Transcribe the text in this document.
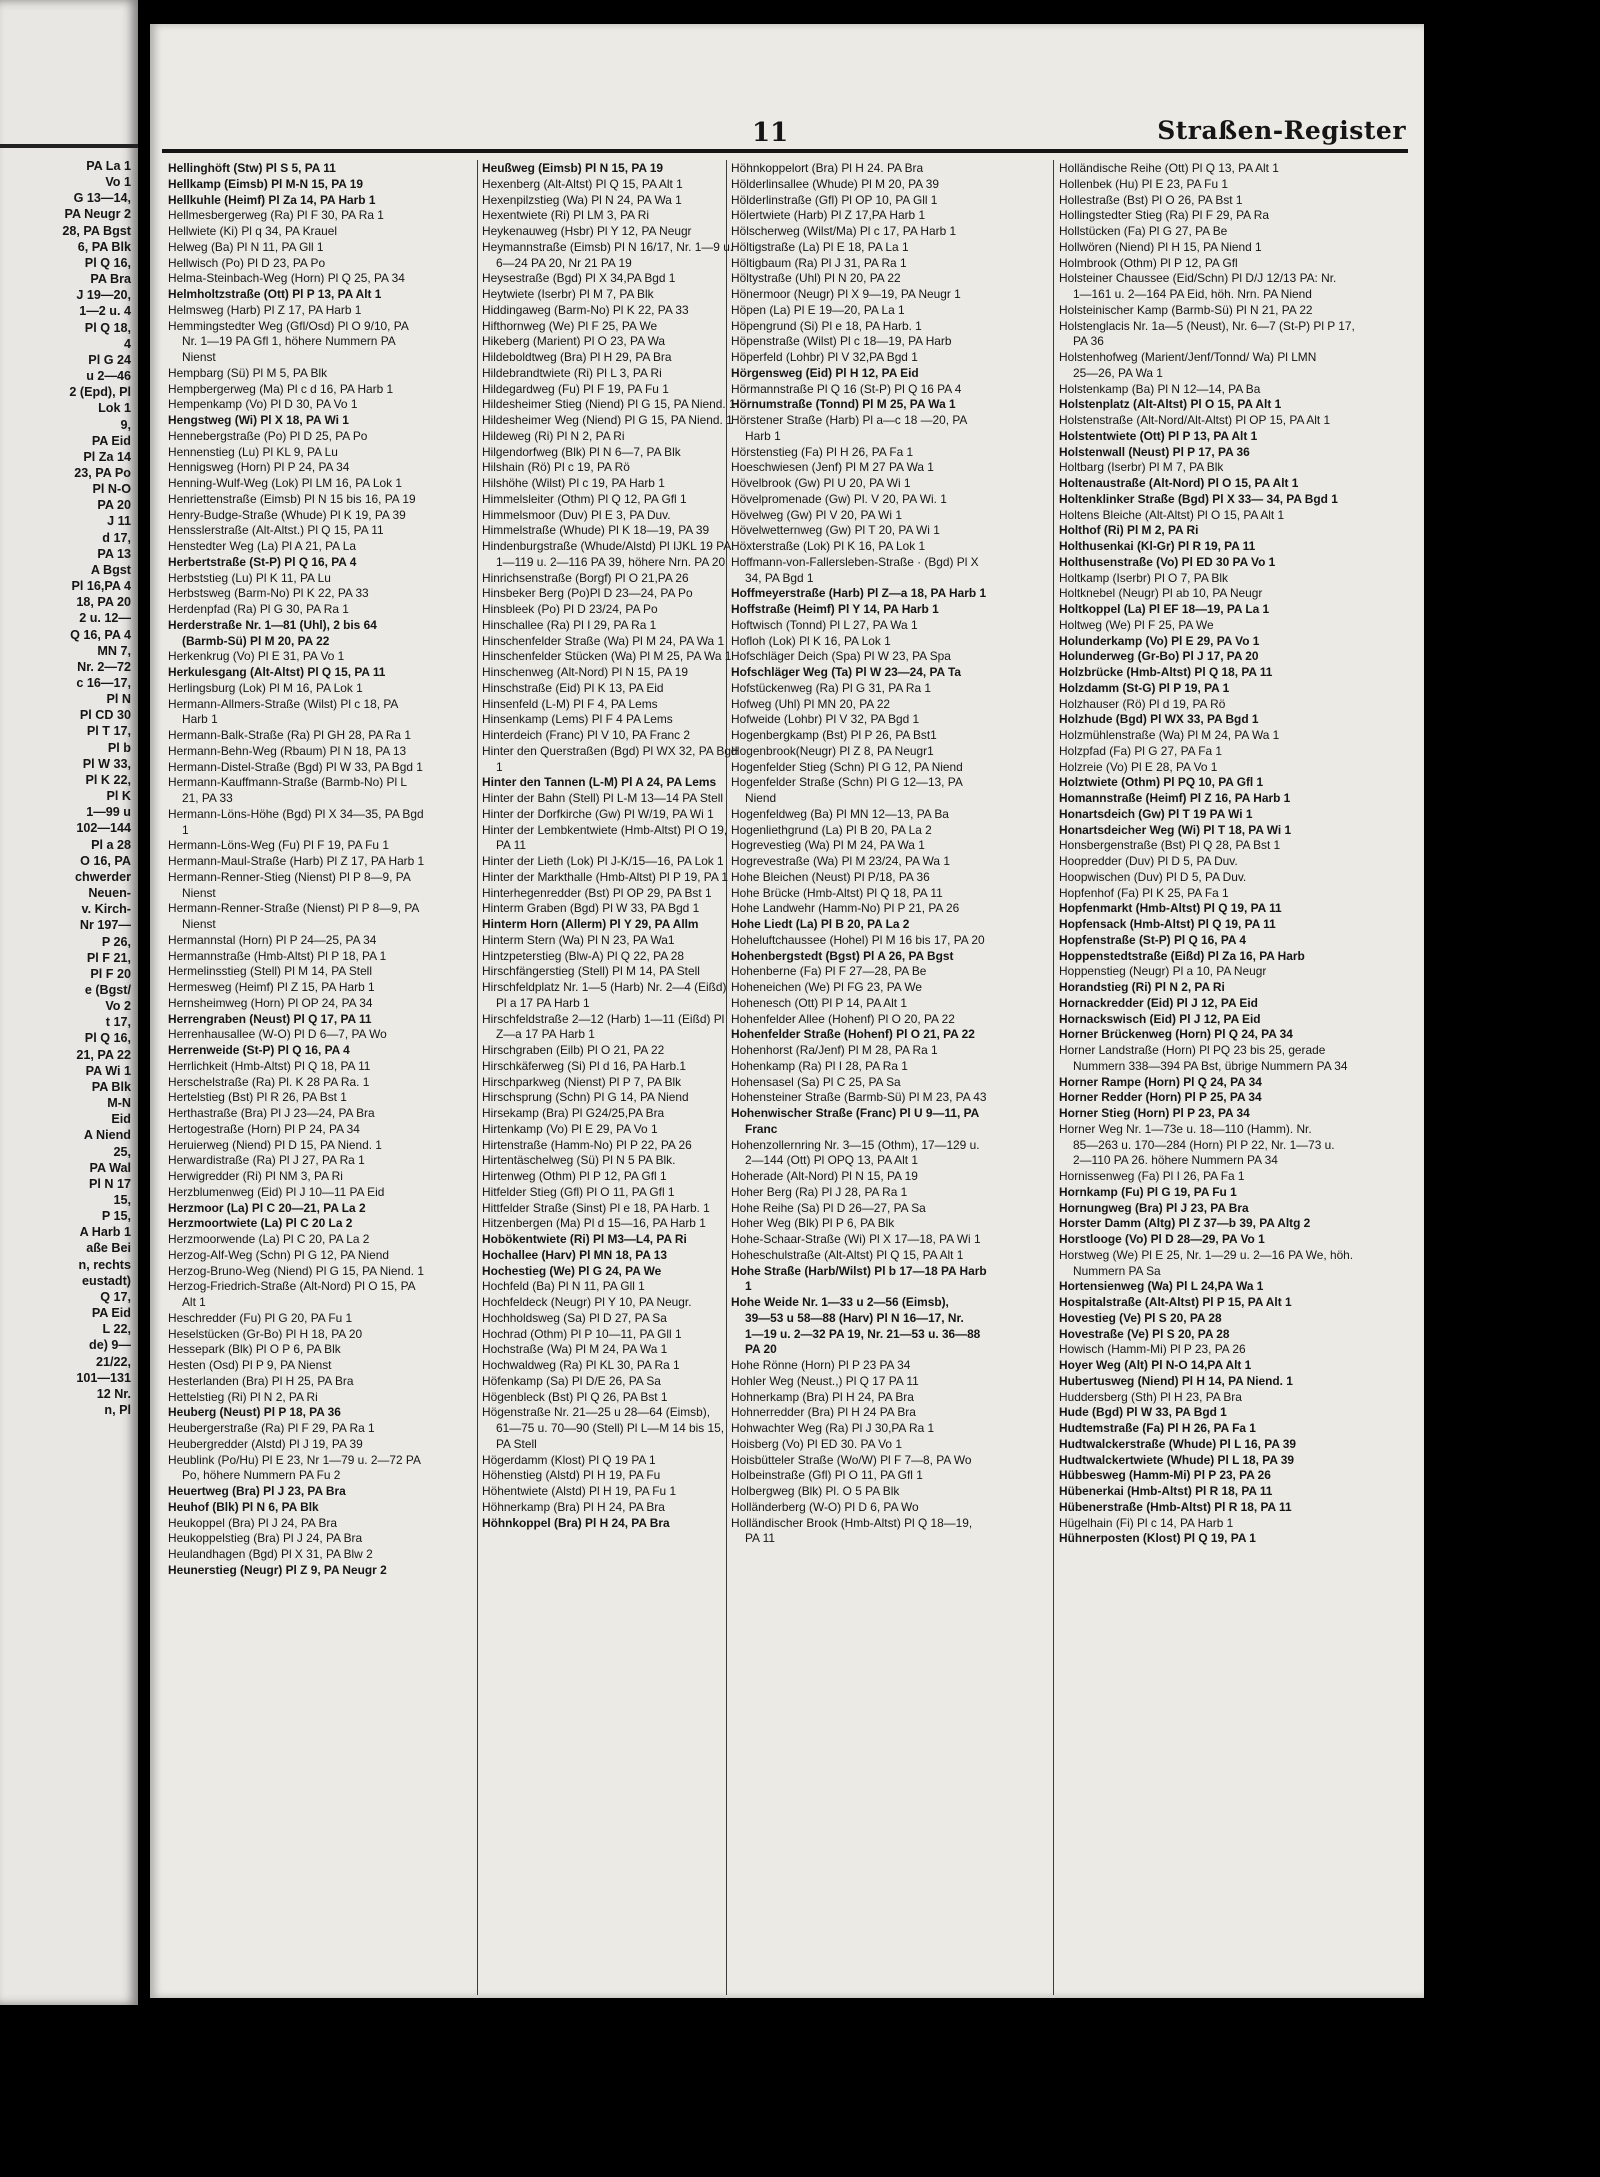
PA La 1
Vo 1
G 13—14,
PA Neugr 2
28, PA Bgst
6, PA Blk
Pl Q 16,
PA Bra
J 19—20,
1—2 u. 4
Pl Q 18,
4
Pl G 24
u 2—46
2 (Epd), Pl
Lok 1
9,
PA Eid
Pl Za 14
23, PA Po
Pl N-O
PA 20
J 11
d 17,
PA 13
A Bgst
Pl 16,PA 4
18, PA 20
2 u. 12—
Q 16, PA 4
MN 7,
Nr. 2—72
c 16—17,
Pl N
Pl CD 30
Pl T 17,
Pl b
Pl W 33,
Pl K 22,
Pl K
1—99 u
102—144
Pl a 28
O 16, PA
chwerder
Neuen-
v. Kirch-
Nr 197—
P 26,
Pl F 21,
Pl F 20
e (Bgst/
Vo 2
t 17,
Pl Q 16,
21, PA 22
PA Wi 1
PA Blk
M-N
Eid
A Niend
25,
PA Wal
Pl N 17
15,
P 15,
A Harb 1
aße Bei
n, rechts
eustadt)
Q 17,
PA Eid
L 22,
de) 9—
21/22,
101—131
12 Nr.
n, Pl
11	Straßen-Register
Hellinghöft (Stw) Pl S 5, PA 11
Hellkamp (Eimsb) Pl M-N 15, PA 19
Hellkuhle (Heimf) Pl Za 14, PA Harb 1
Hellmesbergerweg (Ra) Pl F 30, PA Ra 1
Hellwiete (Ki) Pl q 34, PA Krauel
Helweg (Ba) Pl N 11, PA Gll 1
Hellwisch (Po) Pl D 23, PA Po
Helma-Steinbach-Weg (Horn) Pl Q 25, PA 34
Helmholtzstraße (Ott) Pl P 13, PA Alt 1
Helmsweg (Harb) Pl Z 17, PA Harb 1
Hemmingstedter Weg (Gfl/Osd) Pl O 9/10, PA
Nr. 1—19 PA Gfl 1, höhere Nummern PA
Nienst
Hempbarg (Sü) Pl M 5, PA Blk
Hempbergerweg (Ma) Pl c d 16, PA Harb 1
Hempenkamp (Vo) Pl D 30, PA Vo 1
Hengstweg (Wi) Pl X 18, PA Wi 1
Hennebergstraße (Po) Pl D 25, PA Po
Hennenstieg (Lu) Pl KL 9, PA Lu
Hennigsweg (Horn) Pl P 24, PA 34
Henning-Wulf-Weg (Lok) Pl LM 16, PA Lok 1
Henriettenstraße (Eimsb) Pl N 15 bis 16, PA 19
Henry-Budge-Straße (Whude) Pl K 19, PA 39
Hensslerstraße (Alt-Altst.) Pl Q 15, PA 11
Henstedter Weg (La) Pl A 21, PA La
Herbertstraße (St-P) Pl Q 16, PA 4
Herbststieg (Lu) Pl K 11, PA Lu
Herbstsweg (Barm-No) Pl K 22, PA 33
Herdenpfad (Ra) Pl G 30, PA Ra 1
Herderstraße Nr. 1—81 (Uhl), 2 bis 64
(Barmb-Sü) Pl M 20, PA 22
Herkenkrug (Vo) Pl E 31, PA Vo 1
Herkulesgang (Alt-Altst) Pl Q 15, PA 11
Herlingsburg (Lok) Pl M 16, PA Lok 1
Hermann-Allmers-Straße (Wilst) Pl c 18, PA
Harb 1
Hermann-Balk-Straße (Ra) Pl GH 28, PA Ra 1
Hermann-Behn-Weg (Rbaum) Pl N 18, PA 13
Hermann-Distel-Straße (Bgd) Pl W 33, PA Bgd 1
Hermann-Kauffmann-Straße (Barmb-No) Pl L
21, PA 33
Hermann-Löns-Höhe (Bgd) Pl X 34—35, PA Bgd
1
Hermann-Löns-Weg (Fu) Pl F 19, PA Fu 1
Hermann-Maul-Straße (Harb) Pl Z 17, PA Harb 1
Hermann-Renner-Stieg (Nienst) Pl P 8—9, PA
Nienst
Hermann-Renner-Straße (Nienst) Pl P 8—9, PA
Nienst
Hermannstal (Horn) Pl P 24—25, PA 34
Hermannstraße (Hmb-Altst) Pl P 18, PA 1
Hermelinsstieg (Stell) Pl M 14, PA Stell
Hermesweg (Heimf) Pl Z 15, PA Harb 1
Hernsheimweg (Horn) Pl OP 24, PA 34
Herrengraben (Neust) Pl Q 17, PA 11
Herrenhausallee (W-O) Pl D 6—7, PA Wo
Herrenweide (St-P) Pl Q 16, PA 4
Herrlichkeit (Hmb-Altst) Pl Q 18, PA 11
Herschelstraße (Ra) Pl. K 28 PA Ra. 1
Hertelstieg (Bst) Pl R 26, PA Bst 1
Herthastraße (Bra) Pl J 23—24, PA Bra
Hertogestraße (Horn) Pl P 24, PA 34
Heruierweg (Niend) Pl D 15, PA Niend. 1
Herwardistraße (Ra) Pl J 27, PA Ra 1
Herwigredder (Ri) Pl NM 3, PA Ri
Herzblumenweg (Eid) Pl J 10—11 PA Eid
Herzmoor (La) Pl C 20—21, PA La 2
Herzmoortwiete (La) Pl C 20 La 2
Herzmoorwende (La) Pl C 20, PA La 2
Herzog-Alf-Weg (Schn) Pl G 12, PA Niend
Herzog-Bruno-Weg (Niend) Pl G 15, PA Niend. 1
Herzog-Friedrich-Straße (Alt-Nord) Pl O 15, PA
Alt 1
Heschredder (Fu) Pl G 20, PA Fu 1
Heselstücken (Gr-Bo) Pl H 18, PA 20
Hessepark (Blk) Pl O P 6, PA Blk
Hesten (Osd) Pl P 9, PA Nienst
Hesterlanden (Bra) Pl H 25, PA Bra
Hettelstieg (Ri) Pl N 2, PA Ri
Heuberg (Neust) Pl P 18, PA 36
Heubergerstraße (Ra) Pl F 29, PA Ra 1
Heubergredder (Alstd) Pl J 19, PA 39
Heublink (Po/Hu) Pl E 23, Nr 1—79 u. 2—72 PA
Po, höhere Nummern PA Fu 2
Heuertweg (Bra) Pl J 23, PA Bra
Heuhof (Blk) Pl N 6, PA Blk
Heukoppel (Bra) Pl J 24, PA Bra
Heukoppelstieg (Bra) Pl J 24, PA Bra
Heulandhagen (Bgd) Pl X 31, PA Blw 2
Heunerstieg (Neugr) Pl Z 9, PA Neugr 2
Heußweg (Eimsb) Pl N 15, PA 19
Hexenberg (Alt-Altst) Pl Q 15, PA Alt 1
Hexenpilzstieg (Wa) Pl N 24, PA Wa 1
Hexentwiete (Ri) Pl LM 3, PA Ri
Heykenauweg (Hsbr) Pl Y 12, PA Neugr
Heymannstraße (Eimsb) Pl N 16/17, Nr. 1—9 u.
6—24 PA 20, Nr 21 PA 19
Heysestraße (Bgd) Pl X 34,PA Bgd 1
Heytwiete (Iserbr) Pl M 7, PA Blk
Hiddingaweg (Barm-No) Pl K 22, PA 33
Hifthornweg (We) Pl F 25, PA We
Hikeberg (Marient) Pl O 23, PA Wa
Hildeboldtweg (Bra) Pl H 29, PA Bra
Hildebrandtwiete (Ri) Pl L 3, PA Ri
Hildegardweg (Fu) Pl F 19, PA Fu 1
Hildesheimer Stieg (Niend) Pl G 15, PA Niend. 1
Hildesheimer Weg (Niend) Pl G 15, PA Niend. 1
Hildeweg (Ri) Pl N 2, PA Ri
Hilgendorfweg (Blk) Pl N 6—7, PA Blk
Hilshain (Rö) Pl c 19, PA Rö
Hilshöhe (Wilst) Pl c 19, PA Harb 1
Himmelsleiter (Othm) Pl Q 12, PA Gfl 1
Himmelsmoor (Duv) Pl E 3, PA Duv.
Himmelstraße (Whude) Pl K 18—19, PA 39
Hindenburgstraße (Whude/Alstd) Pl IJKL 19 PA:
1—119 u. 2—116 PA 39, höhere Nrn. PA 20
Hinrichsenstraße (Borgf) Pl O 21,PA 26
Hinsbeker Berg (Po)Pl D 23—24, PA Po
Hinsbleek (Po) Pl D 23/24, PA Po
Hinschallee (Ra) Pl I 29, PA Ra 1
Hinschenfelder Straße (Wa) Pl M 24, PA Wa 1
Hinschenfelder Stücken (Wa) Pl M 25, PA Wa 1
Hinschenweg (Alt-Nord) Pl N 15, PA 19
Hinschstraße (Eid) Pl K 13, PA Eid
Hinsenfeld (L-M) Pl F 4, PA Lems
Hinsenkamp (Lems) Pl F 4 PA Lems
Hinterdeich (Franc) Pl V 10, PA Franc 2
Hinter den Querstraßen (Bgd) Pl WX 32, PA Bgd
1
Hinter den Tannen (L-M) Pl A 24, PA Lems
Hinter der Bahn (Stell) Pl L-M 13—14 PA Stell
Hinter der Dorfkirche (Gw) Pl W/19, PA Wi 1
Hinter der Lembkentwiete (Hmb-Altst) Pl O 19,
PA 11
Hinter der Lieth (Lok) Pl J-K/15—16, PA Lok 1
Hinter der Markthalle (Hmb-Altst) Pl P 19, PA 1
Hinterhegenredder (Bst) Pl OP 29, PA Bst 1
Hinterm Graben (Bgd) Pl W 33, PA Bgd 1
Hinterm Horn (Allerm) Pl Y 29, PA Allm
Hinterm Stern (Wa) Pl N 23, PA Wa1
Hintzpeterstieg (Blw-A) Pl Q 22, PA 28
Hirschfängerstieg (Stell) Pl M 14, PA Stell
Hirschfeldplatz Nr. 1—5 (Harb) Nr. 2—4 (Eißd)
Pl a 17 PA Harb 1
Hirschfeldstraße 2—12 (Harb) 1—11 (Eißd) Pl
Z—a 17 PA Harb 1
Hirschgraben (Eilb) Pl O 21, PA 22
Hirschkäferweg (Si) Pl d 16, PA Harb.1
Hirschparkweg (Nienst) Pl P 7, PA Blk
Hirschsprung (Schn) Pl G 14, PA Niend
Hirsekamp (Bra) Pl G24/25,PA Bra
Hirtenkamp (Vo) Pl E 29, PA Vo 1
Hirtenstraße (Hamm-No) Pl P 22, PA 26
Hirtentäschelweg (Sü) Pl N 5 PA Blk.
Hirtenweg (Othm) Pl P 12, PA Gfl 1
Hitfelder Stieg (Gfl) Pl O 11, PA Gfl 1
Hittfelder Straße (Sinst) Pl e 18, PA Harb. 1
Hitzenbergen (Ma) Pl d 15—16, PA Harb 1
Hobökentwiete (Ri) Pl M3—L4, PA Ri
Hochallee (Harv) Pl MN 18, PA 13
Hochestieg (We) Pl G 24, PA We
Hochfeld (Ba) Pl N 11, PA Gll 1
Hochfeldeck (Neugr) Pl Y 10, PA Neugr.
Hochholdsweg (Sa) Pl D 27, PA Sa
Hochrad (Othm) Pl P 10—11, PA Gll 1
Hochstraße (Wa) Pl M 24, PA Wa 1
Hochwaldweg (Ra) Pl KL 30, PA Ra 1
Höfenkamp (Sa) Pl D/E 26, PA Sa
Högenbleck (Bst) Pl Q 26, PA Bst 1
Högenstraße Nr. 21—25 u 28—64 (Eimsb),
61—75 u. 70—90 (Stell) Pl L—M 14 bis 15,
PA Stell
Högerdamm (Klost) Pl Q 19 PA 1
Höhenstieg (Alstd) Pl H 19, PA Fu
Höhentwiete (Alstd) Pl H 19, PA Fu 1
Höhnerkamp (Bra) Pl H 24, PA Bra
Höhnkoppel (Bra) Pl H 24, PA Bra
Höhnkoppelort (Bra) Pl H 24. PA Bra
Hölderlinsallee (Whude) Pl M 20, PA 39
Hölderlinstraße (Gfl) Pl OP 10, PA Gll 1
Hölertwiete (Harb) Pl Z 17,PA Harb 1
Hölscherweg (Wilst/Ma) Pl c 17, PA Harb 1
Höltigstraße (La) Pl E 18, PA La 1
Höltigbaum (Ra) Pl J 31, PA Ra 1
Höltystraße (Uhl) Pl N 20, PA 22
Hönermoor (Neugr) Pl X 9—19, PA Neugr 1
Höpen (La) Pl E 19—20, PA La 1
Höpengrund (Si) Pl e 18, PA Harb. 1
Höpenstraße (Wilst) Pl c 18—19, PA Harb
Höperfeld (Lohbr) Pl V 32,PA Bgd 1
Hörgensweg (Eid) Pl H 12, PA Eid
Hörmannstraße Pl Q 16 (St-P) Pl Q 16 PA 4
Hörnumstraße (Tonnd) Pl M 25, PA Wa 1
Hörstener Straße (Harb) Pl a—c 18 —20, PA
Harb 1
Hörstenstieg (Fa) Pl H 26, PA Fa 1
Hoeschwiesen (Jenf) Pl M 27 PA Wa 1
Hövelbrook (Gw) Pl U 20, PA Wi 1
Hövelpromenade (Gw) Pl. V 20, PA Wi. 1
Hövelweg (Gw) Pl V 20, PA Wi 1
Hövelwetternweg (Gw) Pl T 20, PA Wi 1
Höxterstraße (Lok) Pl K 16, PA Lok 1
Hoffmann-von-Fallersleben-Straße · (Bgd) Pl X
34, PA Bgd 1
Hoffmeyerstraße (Harb) Pl Z—a 18, PA Harb 1
Hoffstraße (Heimf) Pl Y 14, PA Harb 1
Hoftwisch (Tonnd) Pl L 27, PA Wa 1
Hofloh (Lok) Pl K 16, PA Lok 1
Hofschläger Deich (Spa) Pl W 23, PA Spa
Hofschläger Weg (Ta) Pl W 23—24, PA Ta
Hofstückenweg (Ra) Pl G 31, PA Ra 1
Hofweg (Uhl) Pl MN 20, PA 22
Hofweide (Lohbr) Pl V 32, PA Bgd 1
Hogenbergkamp (Bst) Pl P 26, PA Bst1
Hogenbrook(Neugr) Pl Z 8, PA Neugr1
Hogenfelder Stieg (Schn) Pl G 12, PA Niend
Hogenfelder Straße (Schn) Pl G 12—13, PA
Niend
Hogenfeldweg (Ba) Pl MN 12—13, PA Ba
Hogenliethgrund (La) Pl B 20, PA La 2
Hogrevestieg (Wa) Pl M 24, PA Wa 1
Hogrevestraße (Wa) Pl M 23/24, PA Wa 1
Hohe Bleichen (Neust) Pl P/18, PA 36
Hohe Brücke (Hmb-Altst) Pl Q 18, PA 11
Hohe Landwehr (Hamm-No) Pl P 21, PA 26
Hohe Liedt (La) Pl B 20, PA La 2
Hoheluftchaussee (Hohel) Pl M 16 bis 17, PA 20
Hohenbergstedt (Bgst) Pl A 26, PA Bgst
Hohenberne (Fa) Pl F 27—28, PA Be
Hoheneichen (We) Pl FG 23, PA We
Hohenesch (Ott) Pl P 14, PA Alt 1
Hohenfelder Allee (Hohenf) Pl O 20, PA 22
Hohenfelder Straße (Hohenf) Pl O 21, PA 22
Hohenhorst (Ra/Jenf) Pl M 28, PA Ra 1
Hohenkamp (Ra) Pl I 28, PA Ra 1
Hohensasel (Sa) Pl C 25, PA Sa
Hohensteiner Straße (Barmb-Sü) Pl M 23, PA 43
Hohenwischer Straße (Franc) Pl U 9—11, PA
Franc
Hohenzollernring Nr. 3—15 (Othm), 17—129 u.
2—144 (Ott) Pl OPQ 13, PA Alt 1
Hoherade (Alt-Nord) Pl N 15, PA 19
Hoher Berg (Ra) Pl J 28, PA Ra 1
Hohe Reihe (Sa) Pl D 26—27, PA Sa
Hoher Weg (Blk) Pl P 6, PA Blk
Hohe-Schaar-Straße (Wi) Pl X 17—18, PA Wi 1
Hoheschulstraße (Alt-Altst) Pl Q 15, PA Alt 1
Hohe Straße (Harb/Wilst) Pl b 17—18 PA Harb
1
Hohe Weide Nr. 1—33 u 2—56 (Eimsb),
39—53 u 58—88 (Harv) Pl N 16—17, Nr.
1—19 u. 2—32 PA 19, Nr. 21—53 u. 36—88
PA 20
Hohe Rönne (Horn) Pl P 23 PA 34
Hohler Weg (Neust.,) Pl Q 17 PA 11
Hohnerkamp (Bra) Pl H 24, PA Bra
Hohnerredder (Bra) Pl H 24 PA Bra
Hohwachter Weg (Ra) Pl J 30,PA Ra 1
Hoisberg (Vo) Pl ED 30. PA Vo 1
Hoisbütteler Straße (Wo/W) Pl F 7—8, PA Wo
Holbeinstraße (Gfl) Pl O 11, PA Gfl 1
Holbergweg (Blk) Pl. O 5 PA Blk
Holländerberg (W-O) Pl D 6, PA Wo
Holländischer Brook (Hmb-Altst) Pl Q 18—19,
PA 11
Holländische Reihe (Ott) Pl Q 13, PA Alt 1
Hollenbek (Hu) Pl E 23, PA Fu 1
Hollestraße (Bst) Pl O 26, PA Bst 1
Hollingstedter Stieg (Ra) Pl F 29, PA Ra
Hollstücken (Fa) Pl G 27, PA Be
Hollwören (Niend) Pl H 15, PA Niend 1
Holmbrook (Othm) Pl P 12, PA Gfl
Holsteiner Chaussee (Eid/Schn) Pl D/J 12/13 PA: Nr.
1—161 u. 2—164 PA Eid, höh. Nrn. PA Niend
Holsteinischer Kamp (Barmb-Sü) Pl N 21, PA 22
Holstenglacis Nr. 1a—5 (Neust), Nr. 6—7 (St-P) Pl P 17,
PA 36
Holstenhofweg (Marient/Jenf/Tonnd/ Wa) Pl LMN
25—26, PA Wa 1
Holstenkamp (Ba) Pl N 12—14, PA Ba
Holstenplatz (Alt-Altst) Pl O 15, PA Alt 1
Holstenstraße (Alt-Nord/Alt-Altst) Pl OP 15, PA Alt 1
Holstentwiete (Ott) Pl P 13, PA Alt 1
Holstenwall (Neust) Pl P 17, PA 36
Holtbarg (Iserbr) Pl M 7, PA Blk
Holtenaustraße (Alt-Nord) Pl O 15, PA Alt 1
Holtenklinker Straße (Bgd) Pl X 33— 34, PA Bgd 1
Holtens Bleiche (Alt-Altst) Pl O 15, PA Alt 1
Holthof (Ri) Pl M 2, PA Ri
Holthusenkai (Kl-Gr) Pl R 19, PA 11
Holthusenstraße (Vo) Pl ED 30 PA Vo 1
Holtkamp (Iserbr) Pl O 7, PA Blk
Holtknebel (Neugr) Pl ab 10, PA Neugr
Holtkoppel (La) Pl EF 18—19, PA La 1
Holtweg (We) Pl F 25, PA We
Holunderkamp (Vo) Pl E 29, PA Vo 1
Holunderweg (Gr-Bo) Pl J 17, PA 20
Holzbrücke (Hmb-Altst) Pl Q 18, PA 11
Holzdamm (St-G) Pl P 19, PA 1
Holzhauser (Rö) Pl d 19, PA Rö
Holzhude (Bgd) Pl WX 33, PA Bgd 1
Holzmühlenstraße (Wa) Pl M 24, PA Wa 1
Holzpfad (Fa) Pl G 27, PA Fa 1
Holzreie (Vo) Pl E 28, PA Vo 1
Holztwiete (Othm) Pl PQ 10, PA Gfl 1
Homannstraße (Heimf) Pl Z 16, PA Harb 1
Honartsdeich (Gw) Pl T 19 PA Wi 1
Honartsdeicher Weg (Wi) Pl T 18, PA Wi 1
Honsbergenstraße (Bst) Pl Q 28, PA Bst 1
Hoopredder (Duv) Pl D 5, PA Duv.
Hoopwischen (Duv) Pl D 5, PA Duv.
Hopfenhof (Fa) Pl K 25, PA Fa 1
Hopfenmarkt (Hmb-Altst) Pl Q 19, PA 11
Hopfensack (Hmb-Altst) Pl Q 19, PA 11
Hopfenstraße (St-P) Pl Q 16, PA 4
Hoppenstedtstraße (Eißd) Pl Za 16, PA Harb
Hoppenstieg (Neugr) Pl a 10, PA Neugr
Horandstieg (Ri) Pl N 2, PA Ri
Hornackredder (Eid) Pl J 12, PA Eid
Hornackswisch (Eid) Pl J 12, PA Eid
Horner Brückenweg (Horn) Pl Q 24, PA 34
Horner Landstraße (Horn) Pl PQ 23 bis 25, gerade
Nummern 338—394 PA Bst, übrige Nummern PA 34
Horner Rampe (Horn) Pl Q 24, PA 34
Horner Redder (Horn) Pl P 25, PA 34
Horner Stieg (Horn) Pl P 23, PA 34
Horner Weg Nr. 1—73e u. 18—110 (Hamm). Nr.
85—263 u. 170—284 (Horn) Pl P 22, Nr. 1—73 u.
2—110 PA 26. höhere Nummern PA 34
Hornissenweg (Fa) Pl I 26, PA Fa 1
Hornkamp (Fu) Pl G 19, PA Fu 1
Hornungweg (Bra) Pl J 23, PA Bra
Horster Damm (Altg) Pl Z 37—b 39, PA Altg 2
Horstlooge (Vo) Pl D 28—29, PA Vo 1
Horstweg (We) Pl E 25, Nr. 1—29 u. 2—16 PA We, höh.
Nummern PA Sa
Hortensienweg (Wa) Pl L 24,PA Wa 1
Hospitalstraße (Alt-Altst) Pl P 15, PA Alt 1
Hovestieg (Ve) Pl S 20, PA 28
Hovestraße (Ve) Pl S 20, PA 28
Howisch (Hamm-Mi) Pl P 23, PA 26
Hoyer Weg (Alt) Pl N-O 14,PA Alt 1
Hubertusweg (Niend) Pl H 14, PA Niend. 1
Huddersberg (Sth) Pl H 23, PA Bra
Hude (Bgd) Pl W 33, PA Bgd 1
Hudtemstraße (Fa) Pl H 26, PA Fa 1
Hudtwalckerstraße (Whude) Pl L 16, PA 39
Hudtwalckertwiete (Whude) Pl L 18, PA 39
Hübbesweg (Hamm-Mi) Pl P 23, PA 26
Hübenerkai (Hmb-Altst) Pl R 18, PA 11
Hübenerstraße (Hmb-Altst) Pl R 18, PA 11
Hügelhain (Fi) Pl c 14, PA Harb 1
Hühnerposten (Klost) Pl Q 19, PA 1
